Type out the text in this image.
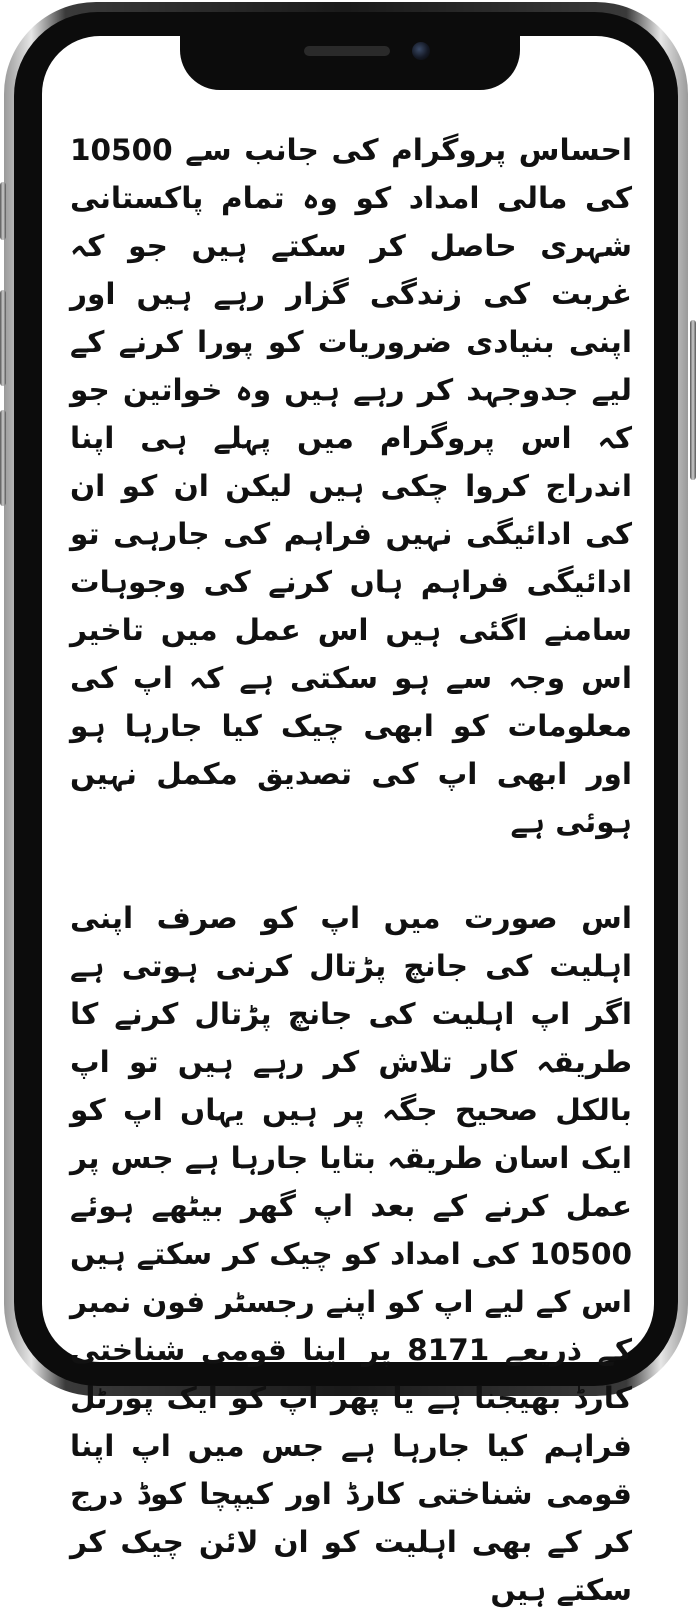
احساس پروگرام کی جانب سے 10500 کی مالی امداد کو وہ تمام پاکستانی شہری حاصل کر سکتے ہیں جو کہ غربت کی زندگی گزار رہے ہیں اور اپنی بنیادی ضروریات کو پورا کرنے کے لیے جدوجہد کر رہے ہیں وہ خواتین جو کہ اس پروگرام میں پہلے ہی اپنا اندراج کروا چکی ہیں لیکن ان کو ان کی ادائیگی نہیں فراہم کی جارہی تو ادائیگی فراہم ہاں کرنے کی وجوہات سامنے اگئی ہیں اس عمل میں تاخیر اس وجہ سے ہو سکتی ہے کہ اپ کی معلومات کو ابھی چیک کیا جارہا ہو اور ابھی اپ کی تصدیق مکمل نہیں ہوئی ہے

اس صورت میں اپ کو صرف اپنی اہلیت کی جانچ پڑتال کرنی ہوتی ہے اگر اپ اہلیت کی جانچ پڑتال کرنے کا طریقہ کار تلاش کر رہے ہیں تو اپ بالکل صحیح جگہ پر ہیں یہاں اپ کو ایک اسان طریقہ بتایا جارہا ہے جس پر عمل کرنے کے بعد اپ گھر بیٹھے ہوئے 10500 کی امداد کو چیک کر سکتے ہیں اس کے لیے اپ کو اپنے رجسٹر فون نمبر کے ذریعے 8171 پر اپنا قومی شناختی کارڈ بھیجنا ہے یا پھر اپ کو ایک پورٹل فراہم کیا جارہا ہے جس میں اپ اپنا قومی شناختی کارڈ اور کیپچا کوڈ درج کر کے بھی اہلیت کو ان لائن چیک کر سکتے ہیں
